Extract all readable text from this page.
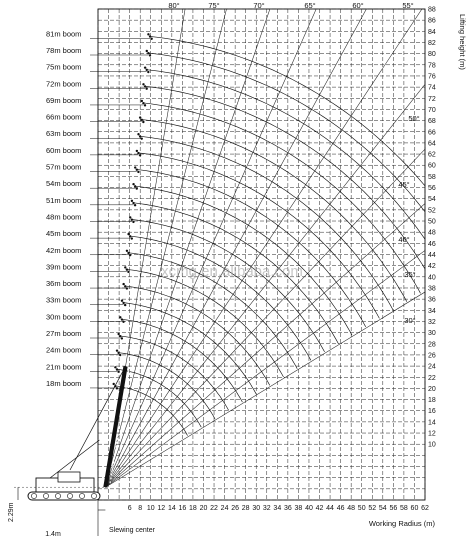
6 8 10 12 14 16 18 20 22 24 26 28 30 32 34 36 38 40 42 44 46 48 50 52 54 56 58 60 62
10
12
14
16
18
20
22
24
26
28
30
32
34
36
38
40
42
44
46
48
50
52
54
56
58
60
62
64
66
68
70
72
74
76
78
80
82
84
86
88
Working Radius (m)
Lifting height (m)
81m boom
78m boom
75m boom
72m boom
69m boom
66m boom
63m boom
60m boom
57m boom
54m boom
51m boom
48m boom
45m boom
42m boom
39m boom
36m boom
33m boom
30m boom
27m boom
24m boom
21m boom
18m boom
80°	75°	70°	65°	60°	55°
50°
45°
40°
35°
30°
2.29m
1.4m
Slewing center
xcmg.en.alibaba.com
